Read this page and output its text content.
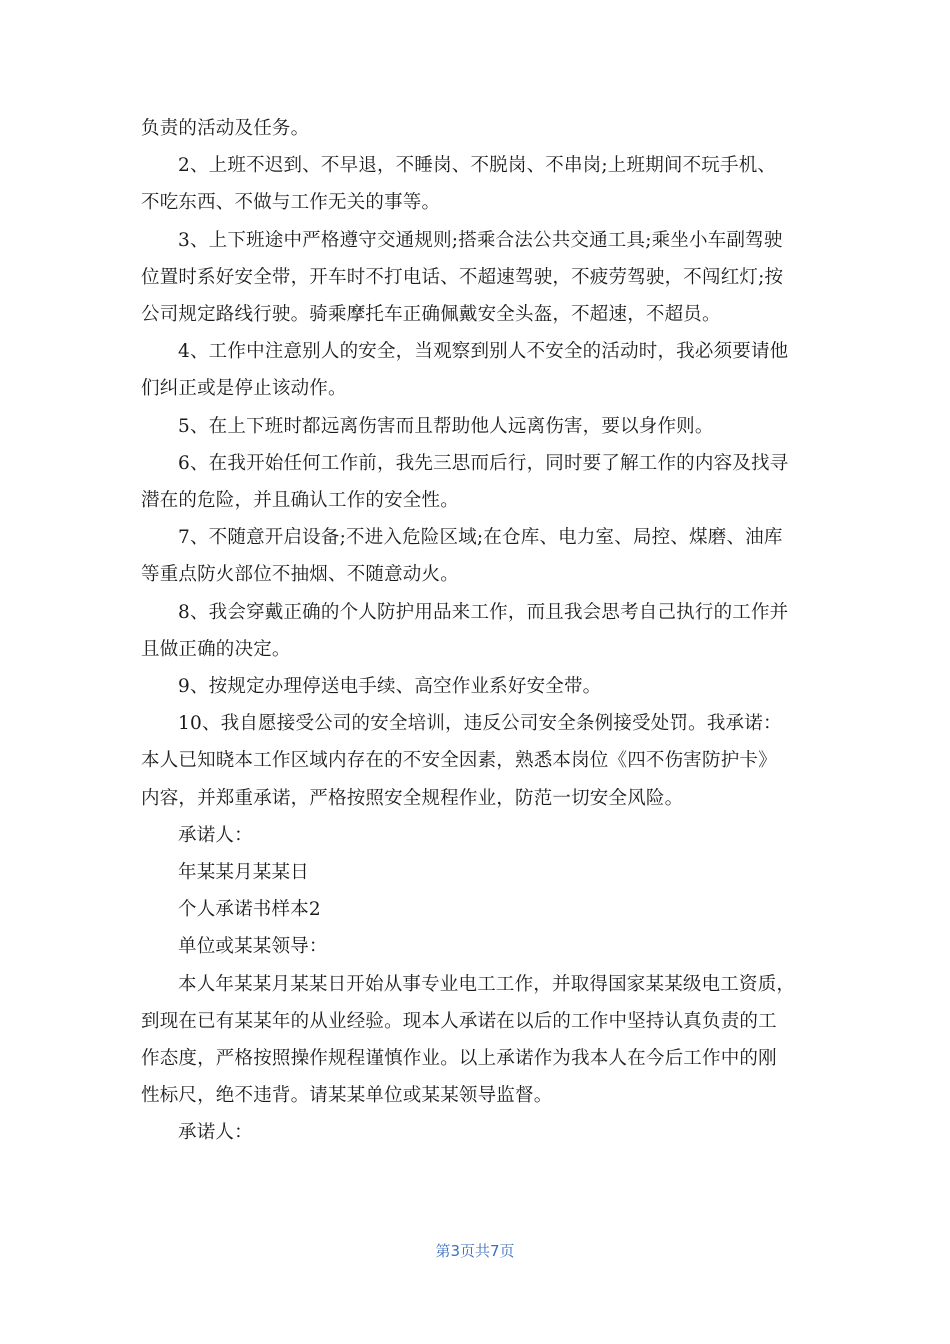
负责的活动及任务。
2、上班不迟到、不早退，不睡岗、不脱岗、不串岗;上班期间不玩手机、
不吃东西、不做与工作无关的事等。
3、上下班途中严格遵守交通规则;搭乘合法公共交通工具;乘坐小车副驾驶
位置时系好安全带，开车时不打电话、不超速驾驶，不疲劳驾驶，不闯红灯;按
公司规定路线行驶。骑乘摩托车正确佩戴安全头盔，不超速，不超员。
4、工作中注意别人的安全，当观察到别人不安全的活动时，我必须要请他
们纠正或是停止该动作。
5、在上下班时都远离伤害而且帮助他人远离伤害，要以身作则。
6、在我开始任何工作前，我先三思而后行，同时要了解工作的内容及找寻
潜在的危险，并且确认工作的安全性。
7、不随意开启设备;不进入危险区域;在仓库、电力室、局控、煤磨、油库
等重点防火部位不抽烟、不随意动火。
8、我会穿戴正确的个人防护用品来工作，而且我会思考自己执行的工作并
且做正确的决定。
9、按规定办理停送电手续、高空作业系好安全带。
10、我自愿接受公司的安全培训，违反公司安全条例接受处罚。我承诺：
本人已知晓本工作区域内存在的不安全因素，熟悉本岗位《四不伤害防护卡》
内容，并郑重承诺，严格按照安全规程作业，防范一切安全风险。
承诺人：
年某某月某某日
个人承诺书样本2
单位或某某领导：
本人年某某月某某日开始从事专业电工工作，并取得国家某某级电工资质，
到现在已有某某年的从业经验。现本人承诺在以后的工作中坚持认真负责的工
作态度，严格按照操作规程谨慎作业。以上承诺作为我本人在今后工作中的刚
性标尺，绝不违背。请某某单位或某某领导监督。
承诺人：
第3页共7页
